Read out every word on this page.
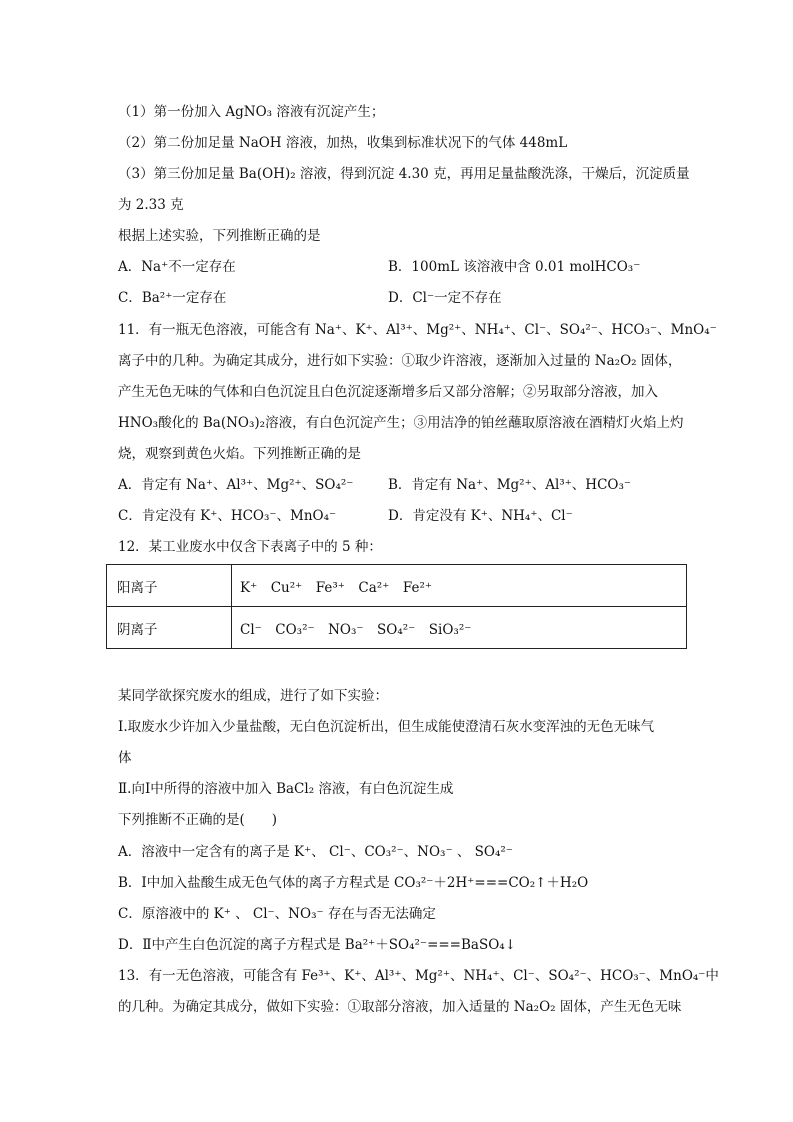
（1）第一份加入 AgNO₃ 溶液有沉淀产生；
（2）第二份加足量 NaOH 溶液，加热，收集到标准状况下的气体 448mL
（3）第三份加足量 Ba(OH)₂ 溶液，得到沉淀 4.30 克，再用足量盐酸洗涤，干燥后，沉淀质量
为 2.33 克
根据上述实验，下列推断正确的是
A．Na⁺不一定存在	B．100mL 该溶液中含 0.01 molHCO₃⁻
C．Ba²⁺一定存在	D．Cl⁻一定不存在
11．有一瓶无色溶液，可能含有 Na⁺、K⁺、Al³⁺、Mg²⁺、NH₄⁺、Cl⁻、SO₄²⁻、HCO₃⁻、MnO₄⁻
离子中的几种。为确定其成分，进行如下实验：①取少许溶液，逐渐加入过量的 Na₂O₂ 固体，
产生无色无味的气体和白色沉淀且白色沉淀逐渐增多后又部分溶解；②另取部分溶液，加入
HNO₃酸化的 Ba(NO₃)₂溶液，有白色沉淀产生；③用洁净的铂丝蘸取原溶液在酒精灯火焰上灼
烧，观察到黄色火焰。下列推断正确的是
A．肯定有 Na⁺、Al³⁺、Mg²⁺、SO₄²⁻	B．肯定有 Na⁺、Mg²⁺、Al³⁺、HCO₃⁻
C．肯定没有 K⁺、HCO₃⁻、MnO₄⁻	D．肯定没有 K⁺、NH₄⁺、Cl⁻
12．某工业废水中仅含下表离子中的 5 种：
阳离子	K⁺　Cu²⁺　Fe³⁺　Ca²⁺　Fe²⁺
阴离子	Cl⁻　CO₃²⁻　NO₃⁻　SO₄²⁻　SiO₃²⁻
某同学欲探究废水的组成，进行了如下实验：
Ⅰ.取废水少许加入少量盐酸，无白色沉淀析出，但生成能使澄清石灰水变浑浊的无色无味气
体
Ⅱ.向Ⅰ中所得的溶液中加入 BaCl₂ 溶液，有白色沉淀生成
下列推断不正确的是(　　)
A．溶液中一定含有的离子是 K⁺、 Cl⁻、CO₃²⁻、NO₃⁻ 、 SO₄²⁻
B．Ⅰ中加入盐酸生成无色气体的离子方程式是 CO₃²⁻＋2H⁺===CO₂↑＋H₂O
C．原溶液中的 K⁺ 、 Cl⁻、NO₃⁻ 存在与否无法确定
D．Ⅱ中产生白色沉淀的离子方程式是 Ba²⁺＋SO₄²⁻===BaSO₄↓
13．有一无色溶液，可能含有 Fe³⁺、K⁺、Al³⁺、Mg²⁺、NH₄⁺、Cl⁻、SO₄²⁻、HCO₃⁻、MnO₄⁻中
的几种。为确定其成分，做如下实验：①取部分溶液，加入适量的 Na₂O₂ 固体，产生无色无味
